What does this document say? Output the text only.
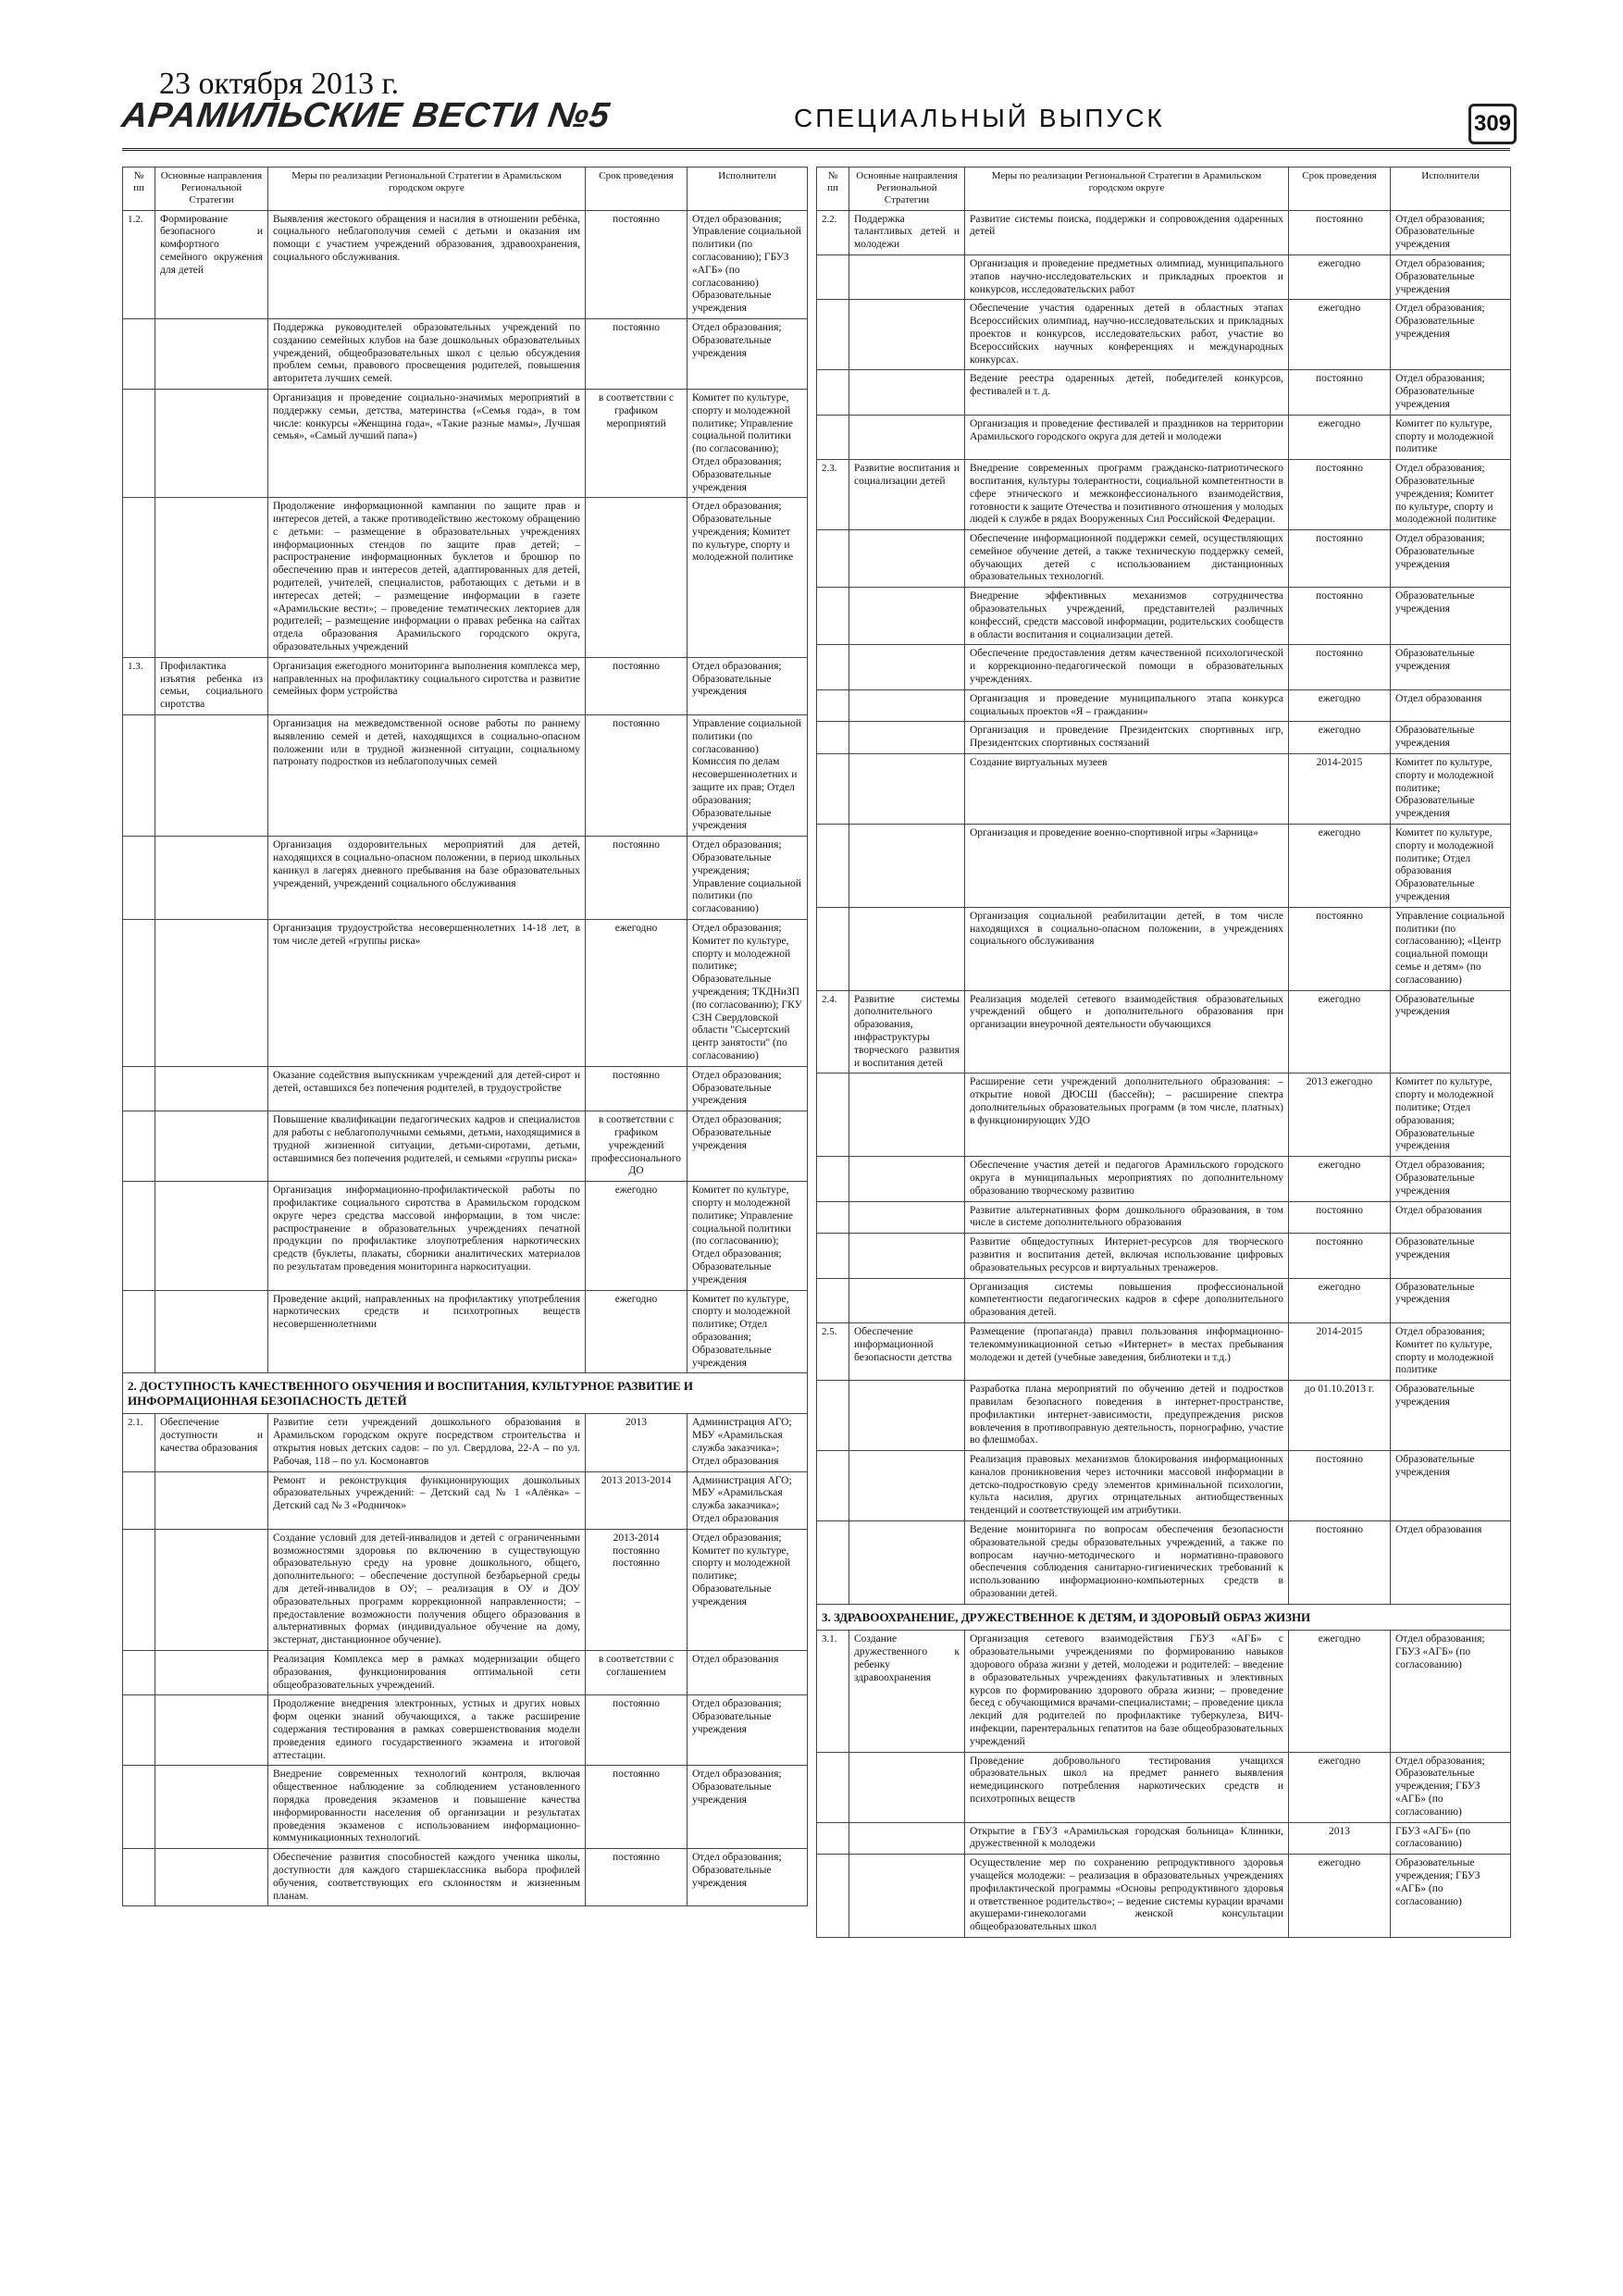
23 октября 2013 г.
АРАМИЛЬСКИЕ ВЕСТИ №5	СПЕЦИАЛЬНЫЙ ВЫПУСК	309
№ пп	Основные направления Региональной Стратегии	Меры по реализации Региональной Стратегии в Арамильском городском округе	Срок проведения	Исполнители
1.2.	Формирование безопасного и комфортного семейного окружения для детей	Выявления жестокого обращения и насилия в отношении ребёнка, социального неблагополучия семей с детьми и оказания им помощи с участием учреждений образования, здравоохранения, социального обслуживания.	постоянно	Отдел образования; Управление социальной политики (по согласованию); ГБУЗ «АГБ» (по согласованию) Образовательные учреждения
		Поддержка руководителей образовательных учреждений по созданию семейных клубов на базе дошкольных образовательных учреждений, общеобразовательных школ с целью обсуждения проблем семьи, правового просвещения родителей, повышения авторитета лучших семей.	постоянно	Отдел образования; Образовательные учреждения
		Организация и проведение социально-значимых мероприятий в поддержку семьи, детства, материнства («Семья года», в том числе: конкурсы «Женщина года», «Такие разные мамы», Лучшая семья», «Самый лучший папа»)	в соответствии с графиком мероприятий	Комитет по культуре, спорту и молодежной политике; Управление социальной политики (по согласованию); Отдел образования; Образовательные учреждения
		Продолжение информационной кампании по защите прав и интересов детей, а также противодействию жестокому обращению с детьми: – размещение в образовательных учреждениях информационных стендов по защите прав детей; – распространение информационных буклетов и брошюр по обеспечению прав и интересов детей, адаптированных для детей, родителей, учителей, специалистов, работающих с детьми и в интересах детей; – размещение информации в газете «Арамильские вести»; – проведение тематических лекториев для родителей; – размещение информации о правах ребенка на сайтах отдела образования Арамильского городского округа, образовательных учреждений		Отдел образования; Образовательные учреждения; Комитет по культуре, спорту и молодежной политике
1.3.	Профилактика изъятия ребенка из семьи, социального сиротства	Организация ежегодного мониторинга выполнения комплекса мер, направленных на профилактику социального сиротства и развитие семейных форм устройства	постоянно	Отдел образования; Образовательные учреждения
		Организация на межведомственной основе работы по раннему выявлению семей и детей, находящихся в социально-опасном положении или в трудной жизненной ситуации, социальному патронату подростков из неблагополучных семей	постоянно	Управление социальной политики (по согласованию) Комиссия по делам несовершеннолетних и защите их прав; Отдел образования; Образовательные учреждения
		Организация оздоровительных мероприятий для детей, находящихся в социально-опасном положении, в период школьных каникул в лагерях дневного пребывания на базе образовательных учреждений, учреждений социального обслуживания	постоянно	Отдел образования; Образовательные учреждения; Управление социальной политики (по согласованию)
		Организация трудоустройства несовершеннолетних 14-18 лет, в том числе детей «группы риска»	ежегодно	Отдел образования; Комитет по культуре, спорту и молодежной политике; Образовательные учреждения; ТКДНиЗП (по согласованию); ГКУ СЗН Свердловской области "Сысертский центр занятости" (по согласованию)
		Оказание содействия выпускникам учреждений для детей-сирот и детей, оставшихся без попечения родителей, в трудоустройстве	постоянно	Отдел образования; Образовательные учреждения
		Повышение квалификации педагогических кадров и специалистов для работы с неблагополучными семьями, детьми, находящимися в трудной жизненной ситуации, детьми-сиротами, детьми, оставшимися без попечения родителей, и семьями «группы риска»	в соответствии с графиком учреждений профессионального ДО	Отдел образования; Образовательные учреждения
		Организация информационно-профилактической работы по профилактике социального сиротства в Арамильском городском округе через средства массовой информации, в том числе: распространение в образовательных учреждениях печатной продукции по профилактике злоупотребления наркотических средств (буклеты, плакаты, сборники аналитических материалов по результатам проведения мониторинга наркоситуации.	ежегодно	Комитет по культуре, спорту и молодежной политике; Управление социальной политики (по согласованию); Отдел образования; Образовательные учреждения
		Проведение акций, направленных на профилактику употребления наркотических средств и психотропных веществ несовершеннолетними	ежегодно	Комитет по культуре, спорту и молодежной политике; Отдел образования; Образовательные учреждения
2. ДОСТУПНОСТЬ КАЧЕСТВЕННОГО ОБУЧЕНИЯ И ВОСПИТАНИЯ, КУЛЬТУРНОЕ РАЗВИТИЕ И ИНФОРМАЦИОННАЯ БЕЗОПАСНОСТЬ ДЕТЕЙ				
2.1.	Обеспечение доступности и качества образования	Развитие сети учреждений дошкольного образования в Арамильском городском округе посредством строительства и открытия новых детских садов: – по ул. Свердлова, 22-А – по ул. Рабочая, 118 – по ул. Космонавтов	2013	Администрация АГО; МБУ «Арамильская служба заказчика»; Отдел образования
		Ремонт и реконструкция функционирующих дошкольных образовательных учреждений: – Детский сад № 1 «Алёнка» – Детский сад № 3 «Родничок»	2013 2013-2014	Администрация АГО; МБУ «Арамильская служба заказчика»; Отдел образования
		Создание условий для детей-инвалидов и детей с ограниченными возможностями здоровья по включению в существующую образовательную среду на уровне дошкольного, общего, дополнительного: – обеспечение доступной безбарьерной среды для детей-инвалидов в ОУ; – реализация в ОУ и ДОУ образовательных программ коррекционной направленности; – предоставление возможности получения общего образования в альтернативных формах (индивидуальное обучение на дому, экстернат, дистанционное обучение).	2013-2014 постоянно постоянно	Отдел образования; Комитет по культуре, спорту и молодежной политике; Образовательные учреждения
		Реализация Комплекса мер в рамках модернизации общего образования, функционирования оптимальной сети общеобразовательных учреждений.	в соответствии с соглашением	Отдел образования
		Продолжение внедрения электронных, устных и других новых форм оценки знаний обучающихся, а также расширение содержания тестирования в рамках совершенствования модели проведения единого государственного экзамена и итоговой аттестации.	постоянно	Отдел образования; Образовательные учреждения
		Внедрение современных технологий контроля, включая общественное наблюдение за соблюдением установленного порядка проведения экзаменов и повышение качества информированности населения об организации и результатах проведения экзаменов с использованием информационно-коммуникационных технологий.	постоянно	Отдел образования; Образовательные учреждения
		Обеспечение развития способностей каждого ученика школы, доступности для каждого старшеклассника выбора профилей обучения, соответствующих его склонностям и жизненным планам.	постоянно	Отдел образования; Образовательные учреждения
№ пп	Основные направления Региональной Стратегии	Меры по реализации Региональной Стратегии в Арамильском городском округе	Срок проведения	Исполнители
2.2.	Поддержка талантливых детей и молодежи	Развитие системы поиска, поддержки и сопровождения одаренных детей	постоянно	Отдел образования; Образовательные учреждения
		Организация и проведение предметных олимпиад, муниципального этапов научно-исследовательских и прикладных проектов и конкурсов, исследовательских работ	ежегодно	Отдел образования; Образовательные учреждения
		Обеспечение участия одаренных детей в областных этапах Всероссийских олимпиад, научно-исследовательских и прикладных проектов и конкурсов, исследовательских работ, участие во Всероссийских научных конференциях и международных конкурсах.	ежегодно	Отдел образования; Образовательные учреждения
		Ведение реестра одаренных детей, победителей конкурсов, фестивалей и т. д.	постоянно	Отдел образования; Образовательные учреждения
		Организация и проведение фестивалей и праздников на территории Арамильского городского округа для детей и молодежи	ежегодно	Комитет по культуре, спорту и молодежной политике
2.3.	Развитие воспитания и социализации детей	Внедрение современных программ гражданско-патриотического воспитания, культуры толерантности, социальной компетентности в сфере этнического и межконфессионального взаимодействия, готовности к защите Отечества и позитивного отношения у молодых людей к службе в рядах Вооруженных Сил Российской Федерации.	постоянно	Отдел образования; Образовательные учреждения; Комитет по культуре, спорту и молодежной политике
		Обеспечение информационной поддержки семей, осуществляющих семейное обучение детей, а также техническую поддержку семей, обучающих детей с использованием дистанционных образовательных технологий.	постоянно	Отдел образования; Образовательные учреждения
		Внедрение эффективных механизмов сотрудничества образовательных учреждений, представителей различных конфессий, средств массовой информации, родительских сообществ в области воспитания и социализации детей.	постоянно	Образовательные учреждения
		Обеспечение предоставления детям качественной психологической и коррекционно-педагогической помощи в образовательных учреждениях.	постоянно	Образовательные учреждения
		Организация и проведение муниципального этапа конкурса социальных проектов «Я – гражданин»	ежегодно	Отдел образования
		Организация и проведение Президентских спортивных игр, Президентских спортивных состязаний	ежегодно	Образовательные учреждения
		Создание виртуальных музеев	2014-2015	Комитет по культуре, спорту и молодежной политике; Образовательные учреждения
		Организация и проведение военно-спортивной игры «Зарница»	ежегодно	Комитет по культуре, спорту и молодежной политике; Отдел образования Образовательные учреждения
		Организация социальной реабилитации детей, в том числе находящихся в социально-опасном положении, в учреждениях социального обслуживания	постоянно	Управление социальной политики (по согласованию); «Центр социальной помощи семье и детям» (по согласованию)
2.4.	Развитие системы дополнительного образования, инфраструктуры творческого развития и воспитания детей	Реализация моделей сетевого взаимодействия образовательных учреждений общего и дополнительного образования при организации внеурочной деятельности обучающихся	ежегодно	Образовательные учреждения
		Расширение сети учреждений дополнительного образования: – открытие новой ДЮСШ (бассейн); – расширение спектра дополнительных образовательных программ (в том числе, платных) в функционирующих УДО	2013 ежегодно	Комитет по культуре, спорту и молодежной политике; Отдел образования; Образовательные учреждения
		Обеспечение участия детей и педагогов Арамильского городского округа в муниципальных мероприятиях по дополнительному образованию творческому развитию	ежегодно	Отдел образования; Образовательные учреждения
		Развитие альтернативных форм дошкольного образования, в том числе в системе дополнительного образования	постоянно	Отдел образования
		Развитие общедоступных Интернет-ресурсов для творческого развития и воспитания детей, включая использование цифровых образовательных ресурсов и виртуальных тренажеров.	постоянно	Образовательные учреждения
		Организация системы повышения профессиональной компетентности педагогических кадров в сфере дополнительного образования детей.	ежегодно	Образовательные учреждения
2.5.	Обеспечение информационной безопасности детства	Размещение (пропаганда) правил пользования информационно-телекоммуникационной сетью «Интернет» в местах пребывания молодежи и детей (учебные заведения, библиотеки и т.д.)	2014-2015	Отдел образования; Комитет по культуре, спорту и молодежной политике
		Разработка плана мероприятий по обучению детей и подростков правилам безопасного поведения в интернет-пространстве, профилактики интернет-зависимости, предупреждения рисков вовлечения в противоправную деятельность, порнографию, участие во флешмобах.	до 01.10.2013 г.	Образовательные учреждения
		Реализация правовых механизмов блокирования информационных каналов проникновения через источники массовой информации в детско-подростковую среду элементов криминальной психологии, культа насилия, других отрицательных антиобщественных тенденций и соответствующей им атрибутики.	постоянно	Образовательные учреждения
		Ведение мониторинга по вопросам обеспечения безопасности образовательной среды образовательных учреждений, а также по вопросам научно-методического и нормативно-правового обеспечения соблюдения санитарно-гигиенических требований к использованию информационно-компьютерных средств в образовании детей.	постоянно	Отдел образования
3. ЗДРАВООХРАНЕНИЕ, ДРУЖЕСТВЕННОЕ К ДЕТЯМ, И ЗДОРОВЫЙ ОБРАЗ ЖИЗНИ				
3.1.	Создание дружественного к ребенку здравоохранения	Организация сетевого взаимодействия ГБУЗ «АГБ» с образовательными учреждениями по формированию навыков здорового образа жизни у детей, молодежи и родителей: – введение в образовательных учреждениях факультативных и элективных курсов по формированию здорового образа жизни; – проведение бесед с обучающимися врачами-специалистами; – проведение цикла лекций для родителей по профилактике туберкулеза, ВИЧ-инфекции, парентеральных гепатитов на базе общеобразовательных учреждений	ежегодно	Отдел образования; ГБУЗ «АГБ» (по согласованию)
		Проведение добровольного тестирования учащихся образовательных школ на предмет раннего выявления немедицинского потребления наркотических средств и психотропных веществ	ежегодно	Отдел образования; Образовательные учреждения; ГБУЗ «АГБ» (по согласованию)
		Открытие в ГБУЗ «Арамильская городская больница» Клиники, дружественной к молодежи	2013	ГБУЗ «АГБ» (по согласованию)
		Осуществление мер по сохранению репродуктивного здоровья учащейся молодежи: – реализация в образовательных учреждениях профилактической программы «Основы репродуктивного здоровья и ответственное родительство»; – ведение системы курации врачами акушерами-гинекологами женской консультации общеобразовательных школ	ежегодно	Образовательные учреждения; ГБУЗ «АГБ» (по согласованию)
